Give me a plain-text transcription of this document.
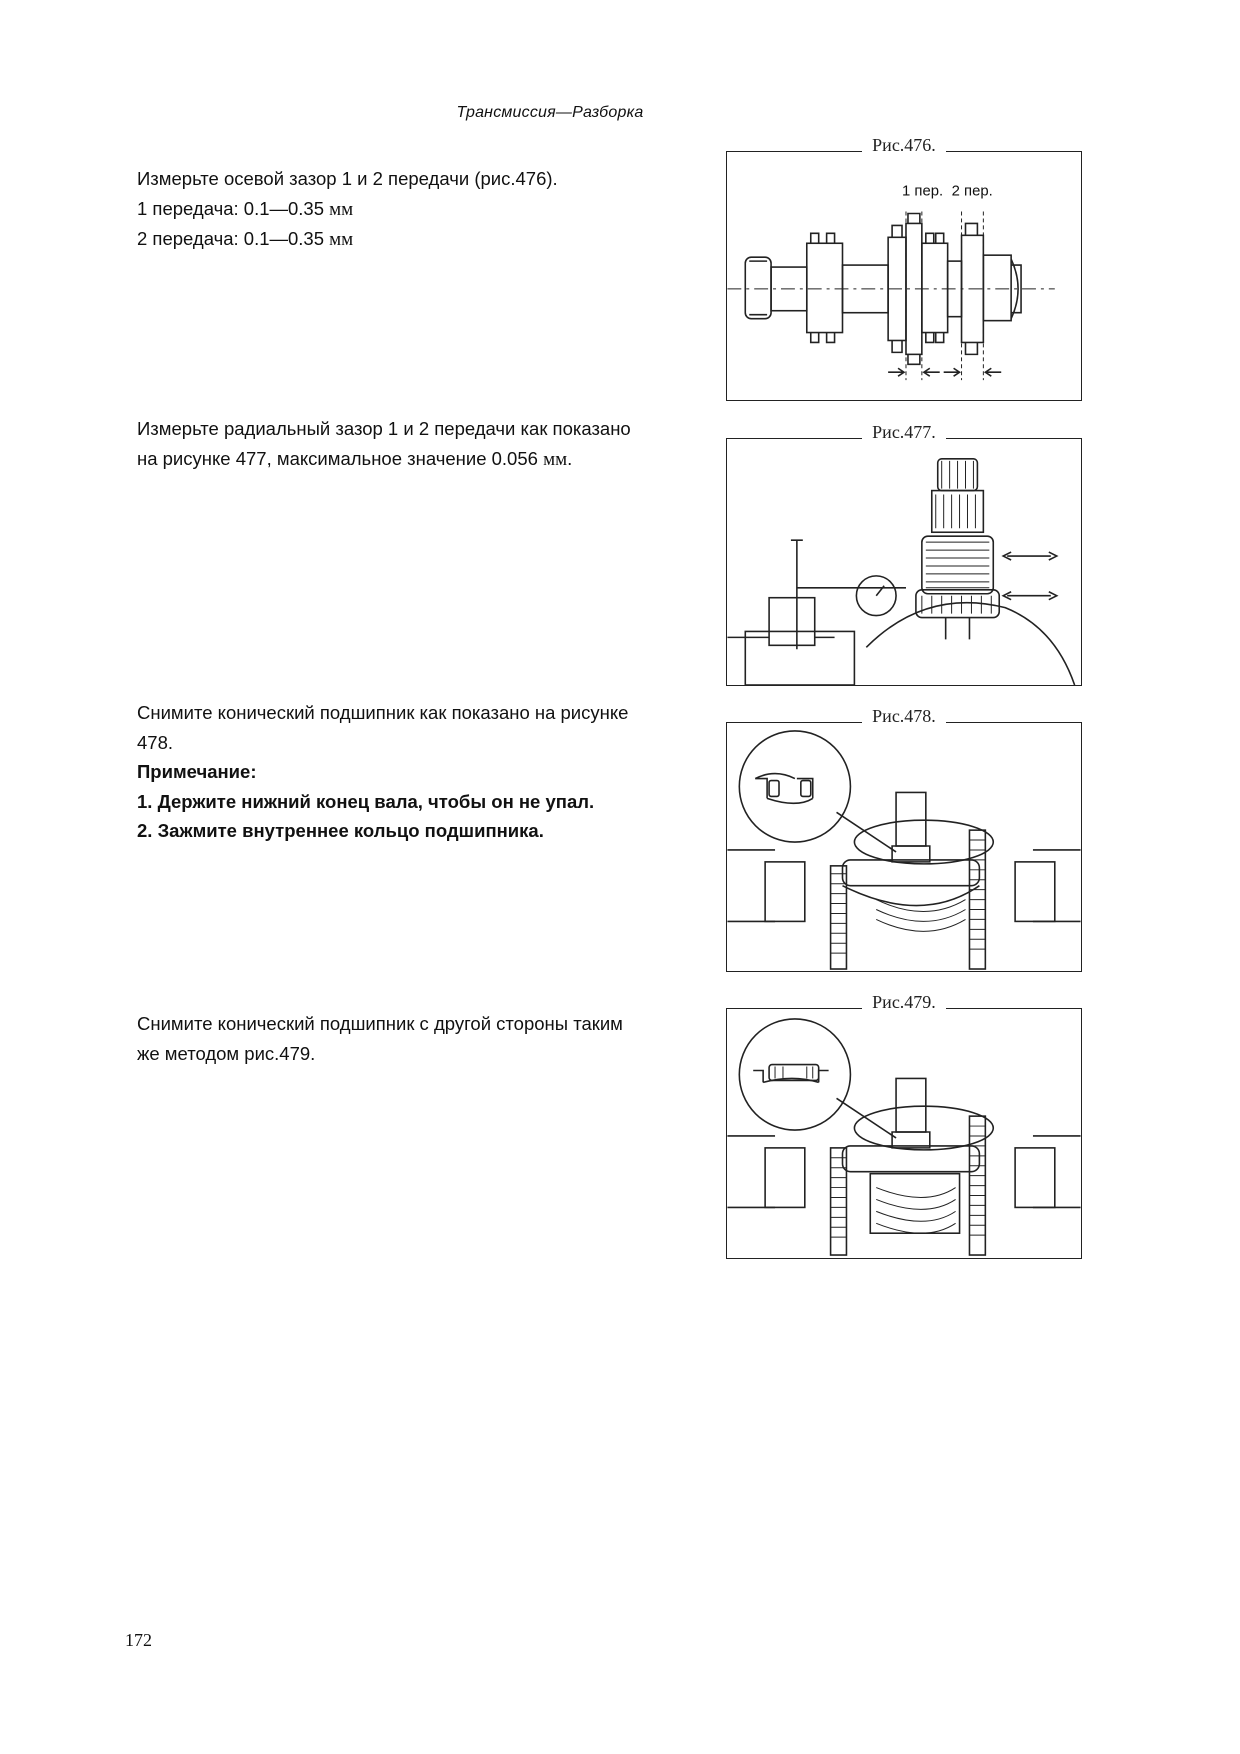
Трансмиссия—Разборка

Измерьте осевой зазор 1 и 2 передачи (рис.476).

1 передача: 0.1—0.35 мм

2 передача: 0.1—0.35 мм

Измерьте радиальный зазор 1 и 2 передачи как показано

на рисунке 477, максимальное значение 0.056 мм.

Снимите конический подшипник как показано на рисунке

478.

Примечание:

1. Держите нижний конец вала, чтобы он не упал.

2. Зажмите внутреннее кольцо подшипника.

Снимите конический подшипник с другой стороны таким

же методом рис.479.

Рис.476.
1 пер. 2 пер.
Рис.477.
Рис.478.
Рис.479.
172
